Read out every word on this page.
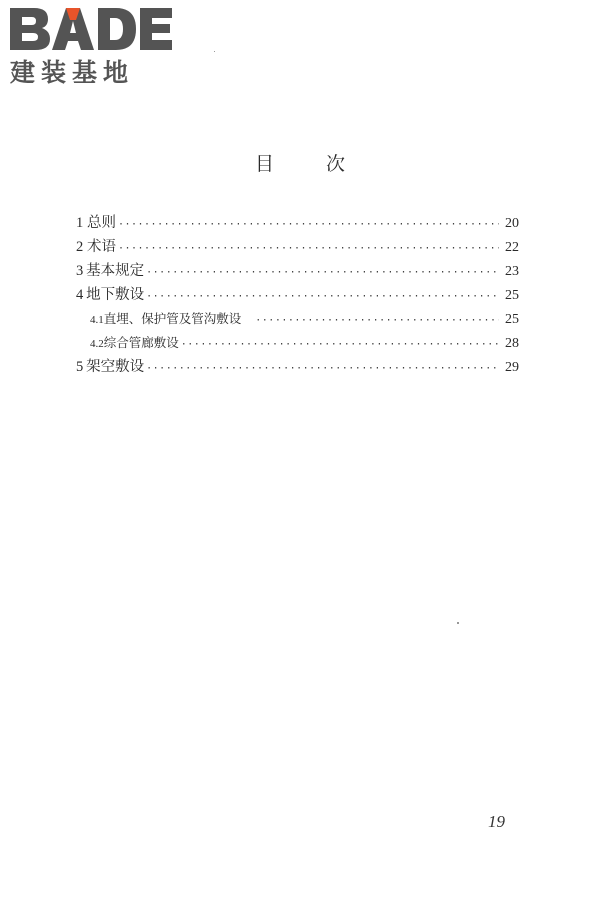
建装基地
目	次
1 总则 ·····	20
2 术语 ·····	22
3 基本规定 ·····	23
4 地下敷设 ·····	25
4.1 直埋、保护管及管沟敷设 ·····	25
4.2 综合管廊敷设 ·····	28
5 架空敷设 ·····	29
19
